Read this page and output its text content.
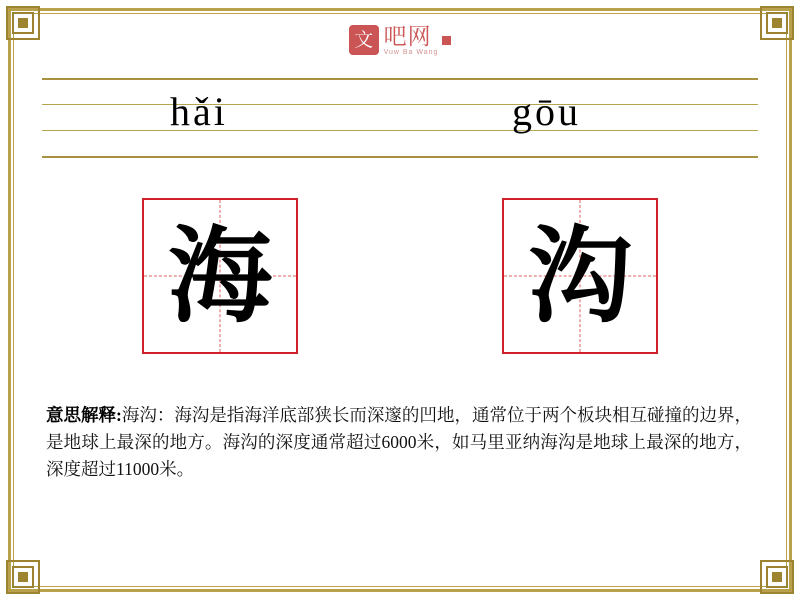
文 吧网
Vuw Ba Wang
hǎi	gōu
海 沟
意思解释:海沟：海沟是指海洋底部狭长而深邃的凹地，通常位于两个板块相互碰撞的边界，是地球上最深的地方。海沟的深度通常超过6000米，如马里亚纳海沟是地球上最深的地方，深度超过11000米。
